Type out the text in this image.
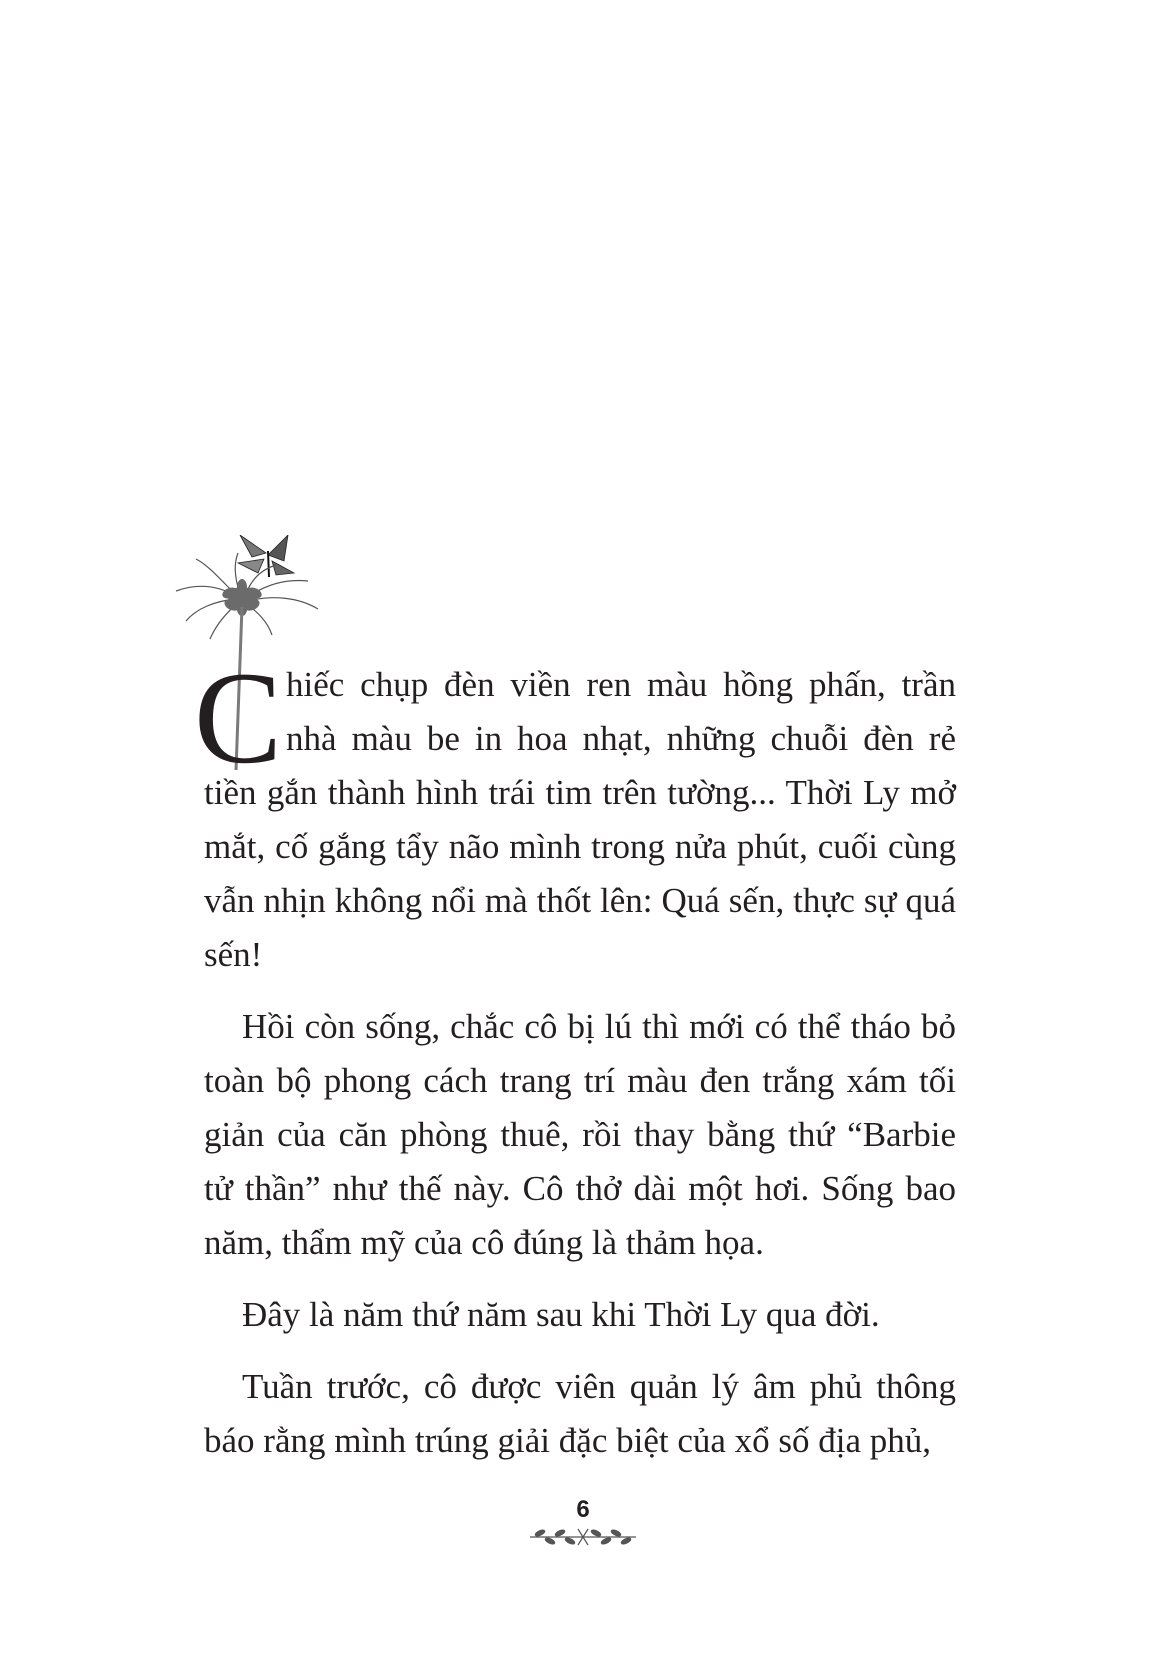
Chiếc chụp đèn viền ren màu hồng phấn, trần nhà màu be in hoa nhạt, những chuỗi đèn rẻ tiền gắn thành hình trái tim trên tường... Thời Ly mở mắt, cố gắng tẩy não mình trong nửa phút, cuối cùng vẫn nhịn không nổi mà thốt lên: Quá sến, thực sự quá sến!

Hồi còn sống, chắc cô bị lú thì mới có thể tháo bỏ toàn bộ phong cách trang trí màu đen trắng xám tối giản của căn phòng thuê, rồi thay bằng thứ “Barbie tử thần” như thế này. Cô thở dài một hơi. Sống bao năm, thẩm mỹ của cô đúng là thảm họa.

Đây là năm thứ năm sau khi Thời Ly qua đời.

Tuần trước, cô được viên quản lý âm phủ thông báo rằng mình trúng giải đặc biệt của xổ số địa phủ,

6
